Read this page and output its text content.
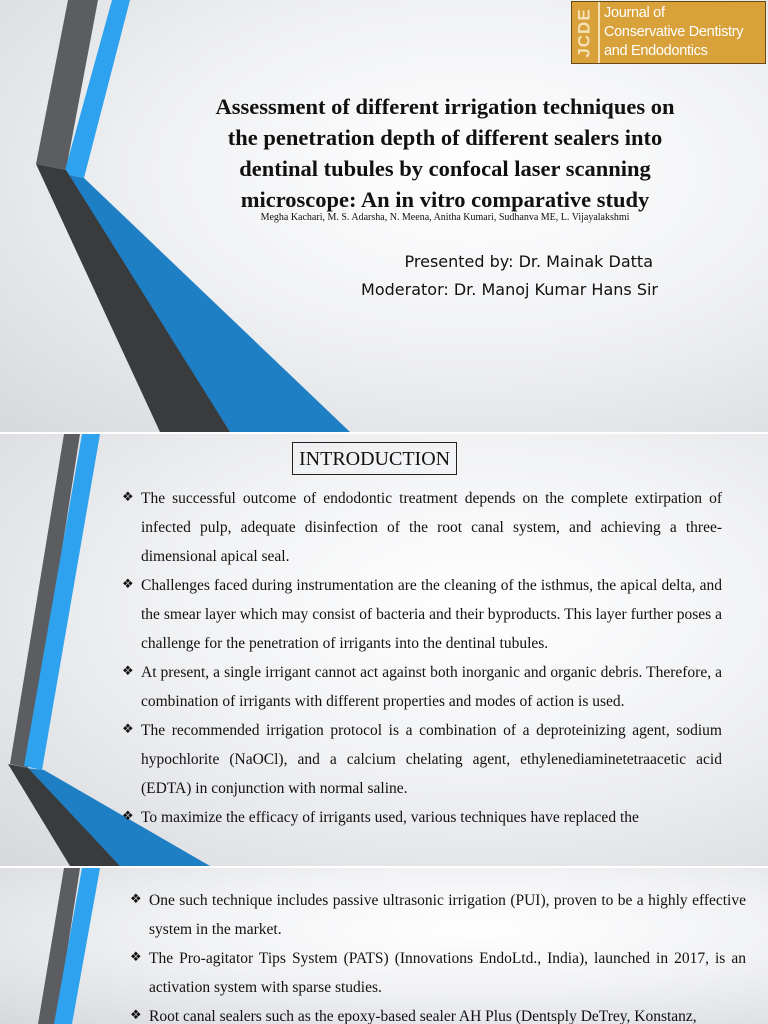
JCDE Journal of
Conservative Dentistry
and Endodontics
Assessment of different irrigation techniques on
the penetration depth of different sealers into
dentinal tubules by confocal laser scanning
microscope: An in vitro comparative study
Megha Kachari, M. S. Adarsha, N. Meena, Anitha Kumari, Sudhanva ME, L. Vijayalakshmi
Presented by: Dr. Mainak Datta
Moderator: Dr. Manoj Kumar Hans Sir
INTRODUCTION
❖ The successful outcome of endodontic treatment depends on the complete extirpation of infected pulp, adequate disinfection of the root canal system, and achieving a three-dimensional apical seal.
❖ Challenges faced during instrumentation are the cleaning of the isthmus, the apical delta, and the smear layer which may consist of bacteria and their byproducts. This layer further poses a challenge for the penetration of irrigants into the dentinal tubules.
❖ At present, a single irrigant cannot act against both inorganic and organic debris. Therefore, a combination of irrigants with different properties and modes of action is used.
❖ The recommended irrigation protocol is a combination of a deproteinizing agent, sodium hypochlorite (NaOCl), and a calcium chelating agent, ethylenediaminetetraacetic acid (EDTA) in conjunction with normal saline.
❖ To maximize the efficacy of irrigants used, various techniques have replaced the
❖ One such technique includes passive ultrasonic irrigation (PUI), proven to be a highly effective system in the market.
❖ The Pro-agitator Tips System (PATS) (Innovations EndoLtd., India), launched in 2017, is an activation system with sparse studies.
❖ Root canal sealers such as the epoxy-based sealer AH Plus (Dentsply DeTrey, Konstanz,
